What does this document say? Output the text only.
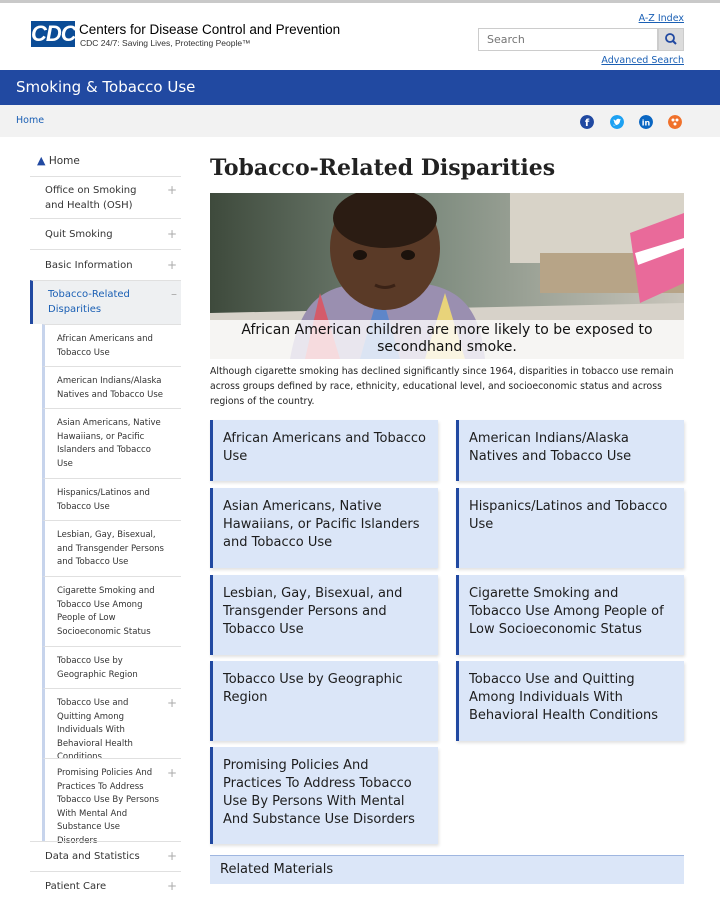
CDC Centers for Disease Control and Prevention
CDC 24/7: Saving Lives, Protecting People™
A-Z Index
Search
Advanced Search
Smoking & Tobacco Use
Home	f	in
▲ Home
Office on Smoking and Health (OSH)
+
Quit Smoking	+
Basic Information	+
Tobacco-Related Disparities
–
African Americans and Tobacco Use
American Indians/Alaska Natives and Tobacco Use
Asian Americans, Native Hawaiians, or Pacific Islanders and Tobacco Use
Hispanics/Latinos and Tobacco Use
Lesbian, Gay, Bisexual, and Transgender Persons and Tobacco Use
Cigarette Smoking and Tobacco Use Among People of Low Socioeconomic Status
Tobacco Use by Geographic Region
Tobacco Use and Quitting Among Individuals With Behavioral Health Conditions
+
Promising Policies And Practices To Address Tobacco Use By Persons With Mental And Substance Use Disorders
+
Data and Statistics +
Patient Care	+
Tobacco-Related Disparities
African American children are more likely to be exposed to secondhand smoke.

Although cigarette smoking has declined significantly since 1964, disparities in tobacco use remain across groups defined by race, ethnicity, educational level, and socioeconomic status and across regions of the country.

African Americans and Tobacco Use
American Indians/Alaska Natives and Tobacco Use
Asian Americans, Native Hawaiians, or Pacific Islanders and Tobacco Use
Hispanics/Latinos and Tobacco Use
Lesbian, Gay, Bisexual, and Transgender Persons and Tobacco Use
Cigarette Smoking and Tobacco Use Among People of Low Socioeconomic Status
Tobacco Use by Geographic Region
Tobacco Use and Quitting Among Individuals With Behavioral Health Conditions
Promising Policies And Practices To Address Tobacco Use By Persons With Mental And Substance Use Disorders
Related Materials
